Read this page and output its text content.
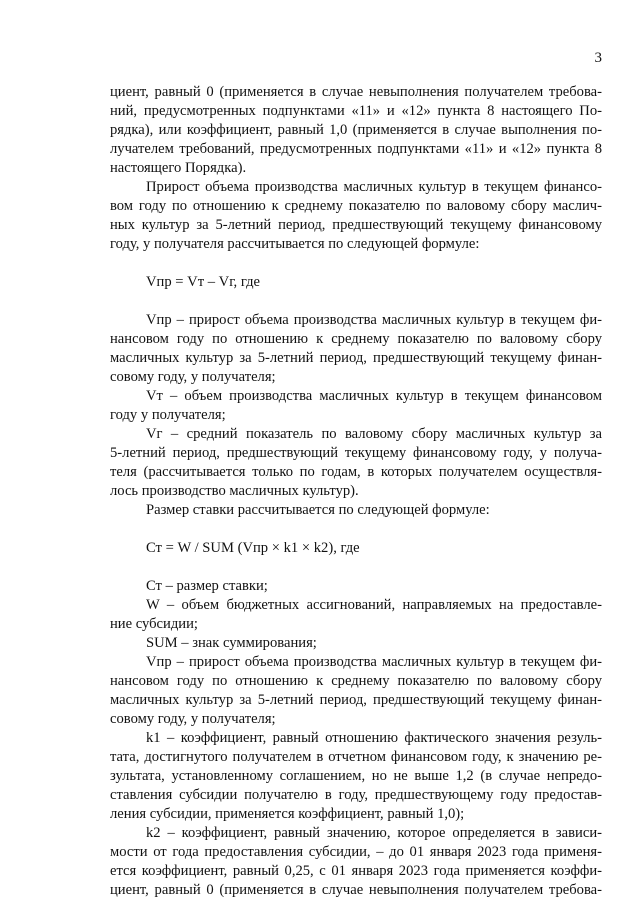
3
циент, равный 0 (применяется в случае невыполнения получателем требова-
ний, предусмотренных подпунктами «11» и «12» пункта 8 настоящего По-
рядка), или коэффициент, равный 1,0 (применяется в случае выполнения по-
лучателем требований, предусмотренных подпунктами «11» и «12» пункта 8
настоящего Порядка).
Прирост объема производства масличных культур в текущем финансо-
вом году по отношению к среднему показателю по валовому сбору маслич-
ных культур за 5-летний период, предшествующий текущему финансовому
году, у получателя рассчитывается по следующей формуле:
Vпр = Vт – Vг, где
Vпр – прирост объема производства масличных культур в текущем фи-
нансовом году по отношению к среднему показателю по валовому сбору
масличных культур за 5-летний период, предшествующий текущему финан-
совому году, у получателя;
Vт – объем производства масличных культур в текущем финансовом
году у получателя;
Vг – средний показатель по валовому сбору масличных культур за
5-летний период, предшествующий текущему финансовому году, у получа-
теля (рассчитывается только по годам, в которых получателем осуществля-
лось производство масличных культур).
Размер ставки рассчитывается по следующей формуле:
Ст = W / SUM (Vпр × k1 × k2), где
Ст – размер ставки;
W – объем бюджетных ассигнований, направляемых на предоставле-
ние субсидии;
SUM – знак суммирования;
Vпр – прирост объема производства масличных культур в текущем фи-
нансовом году по отношению к среднему показателю по валовому сбору
масличных культур за 5-летний период, предшествующий текущему финан-
совому году, у получателя;
k1 – коэффициент, равный отношению фактического значения резуль-
тата, достигнутого получателем в отчетном финансовом году, к значению ре-
зультата, установленному соглашением, но не выше 1,2 (в случае непредо-
ставления субсидии получателю в году, предшествующему году предостав-
ления субсидии, применяется коэффициент, равный 1,0);
k2 – коэффициент, равный значению, которое определяется в зависи-
мости от года предоставления субсидии, – до 01 января 2023 года применя-
ется коэффициент, равный 0,25, с 01 января 2023 года применяется коэффи-
циент, равный 0 (применяется в случае невыполнения получателем требова-
